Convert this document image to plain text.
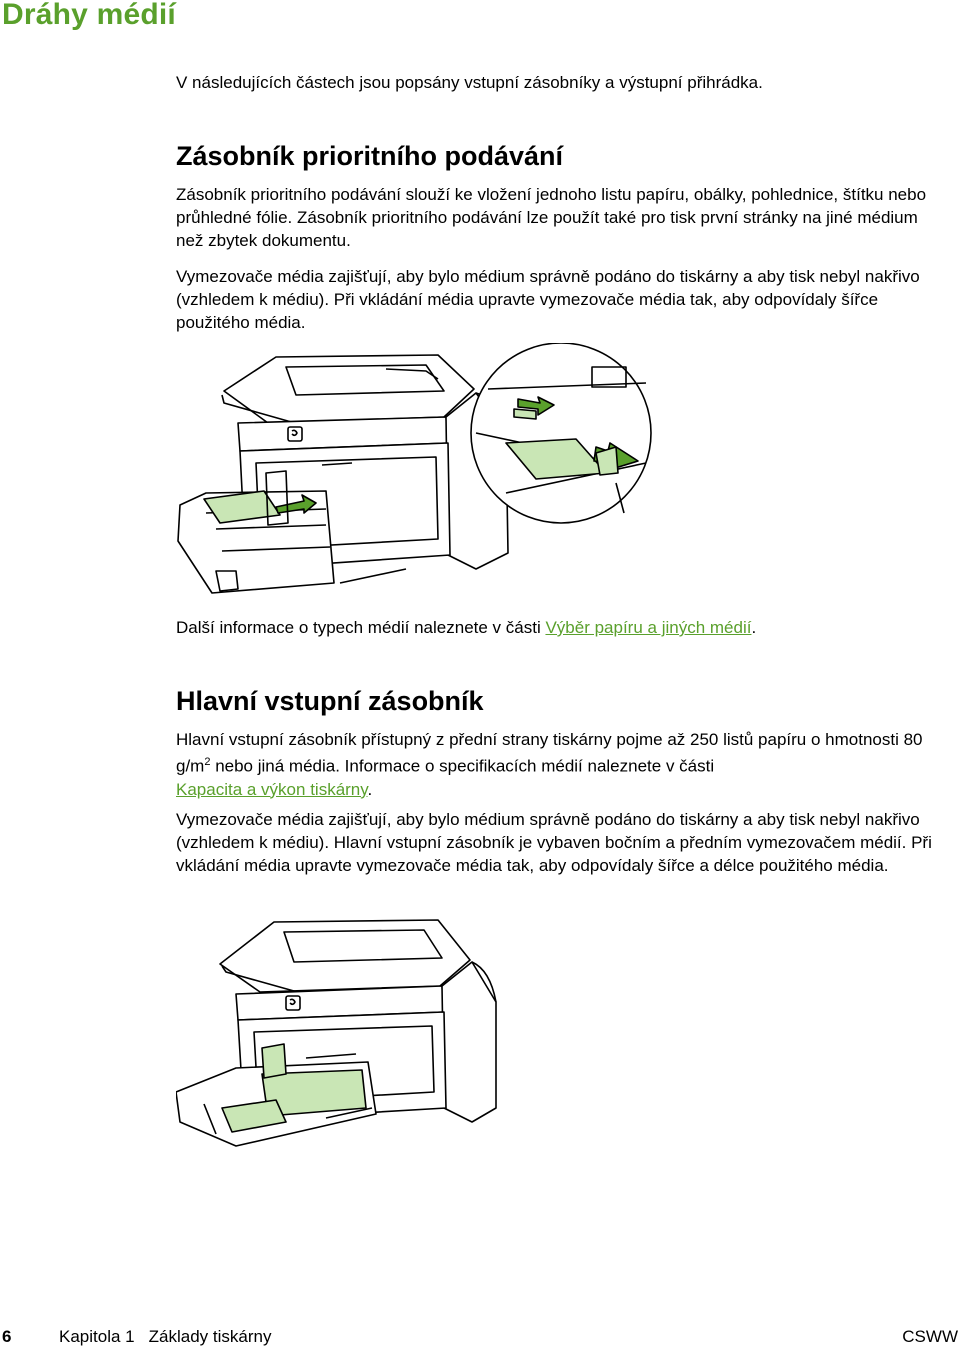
Dráhy médií

V následujících částech jsou popsány vstupní zásobníky a výstupní přihrádka.

Zásobník prioritního podávání

Zásobník prioritního podávání slouží ke vložení jednoho listu papíru, obálky, pohlednice, štítku nebo průhledné fólie. Zásobník prioritního podávání lze použít také pro tisk první stránky na jiné médium než zbytek dokumentu.

Vymezovače média zajišťují, aby bylo médium správně podáno do tiskárny a aby tisk nebyl nakřivo (vzhledem k médiu). Při vkládání média upravte vymezovače média tak, aby odpovídaly šířce použitého média.

Další informace o typech médií naleznete v části Výběr papíru a jiných médií.

Hlavní vstupní zásobník

Hlavní vstupní zásobník přístupný z přední strany tiskárny pojme až 250 listů papíru o hmotnosti 80 $g/m^2$ nebo jiná média. Informace o specifikacích médií naleznete v části
Kapacita a výkon tiskárny.

Vymezovače média zajišťují, aby bylo médium správně podáno do tiskárny a aby tisk nebyl nakřivo (vzhledem k médiu). Hlavní vstupní zásobník je vybaven bočním a předním vymezovačem médií. Při vkládání média upravte vymezovače média tak, aby odpovídaly šířce a délce použitého média.

6	Kapitola 1 Základy tiskárny	CSWW
